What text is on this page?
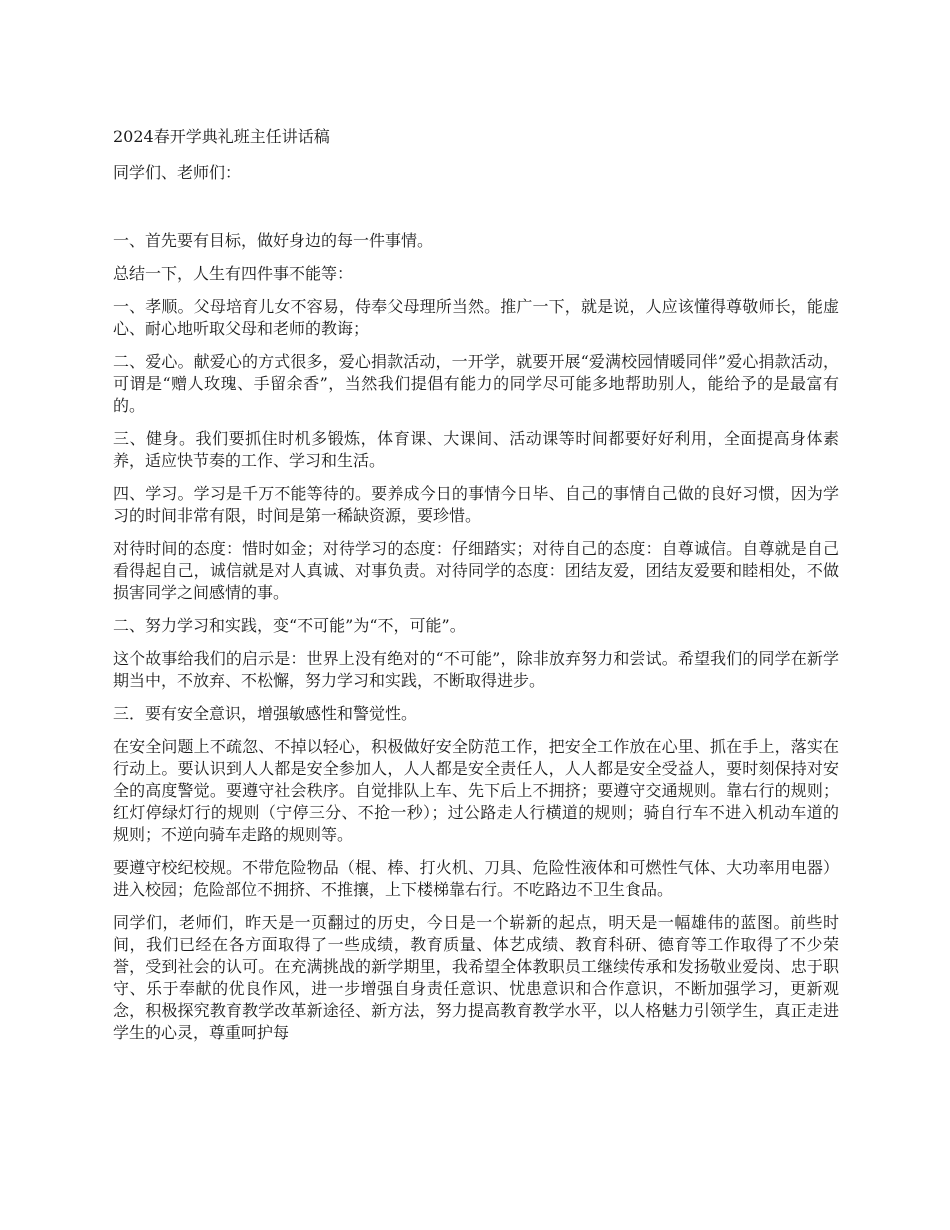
2024春开学典礼班主任讲话稿

同学们、老师们：

一、首先要有目标，做好身边的每一件事情。

总结一下，人生有四件事不能等：

一、孝顺。父母培育儿女不容易，侍奉父母理所当然。推广一下，就是说，人应该懂得尊敬师长，能虚心、耐心地听取父母和老师的教诲；

二、爱心。献爱心的方式很多，爱心捐款活动，一开学，就要开展“爱满校园情暖同伴”爱心捐款活动，可谓是“赠人玫瑰、手留余香”，当然我们提倡有能力的同学尽可能多地帮助别人，能给予的是最富有的。

三、健身。我们要抓住时机多锻炼，体育课、大课间、活动课等时间都要好好利用，全面提高身体素养，适应快节奏的工作、学习和生活。

四、学习。学习是千万不能等待的。要养成今日的事情今日毕、自己的事情自己做的良好习惯，因为学习的时间非常有限，时间是第一稀缺资源，要珍惜。

对待时间的态度：惜时如金；对待学习的态度：仔细踏实；对待自己的态度：自尊诚信。自尊就是自己看得起自己，诚信就是对人真诚、对事负责。对待同学的态度：团结友爱，团结友爱要和睦相处，不做损害同学之间感情的事。

二、努力学习和实践，变“不可能”为“不，可能”。

这个故事给我们的启示是：世界上没有绝对的“不可能”，除非放弃努力和尝试。希望我们的同学在新学期当中，不放弃、不松懈，努力学习和实践，不断取得进步。

三．要有安全意识，增强敏感性和警觉性。

在安全问题上不疏忽、不掉以轻心，积极做好安全防范工作，把安全工作放在心里、抓在手上，落实在行动上。要认识到人人都是安全参加人，人人都是安全责任人，人人都是安全受益人，要时刻保持对安全的高度警觉。要遵守社会秩序。自觉排队上车、先下后上不拥挤；要遵守交通规则。靠右行的规则；红灯停绿灯行的规则（宁停三分、不抢一秒）；过公路走人行横道的规则；骑自行车不进入机动车道的规则；不逆向骑车走路的规则等。

要遵守校纪校规。不带危险物品（棍、棒、打火机、刀具、危险性液体和可燃性气体、大功率用电器）进入校园；危险部位不拥挤、不推攘，上下楼梯靠右行。不吃路边不卫生食品。

同学们，老师们，昨天是一页翻过的历史，今日是一个崭新的起点，明天是一幅雄伟的蓝图。前些时间，我们已经在各方面取得了一些成绩，教育质量、体艺成绩、教育科研、德育等工作取得了不少荣誉，受到社会的认可。在充满挑战的新学期里，我希望全体教职员工继续传承和发扬敬业爱岗、忠于职守、乐于奉献的优良作风，进一步增强自身责任意识、忧患意识和合作意识，不断加强学习，更新观念，积极探究教育教学改革新途径、新方法，努力提高教育教学水平，以人格魅力引领学生，真正走进学生的心灵，尊重呵护每
